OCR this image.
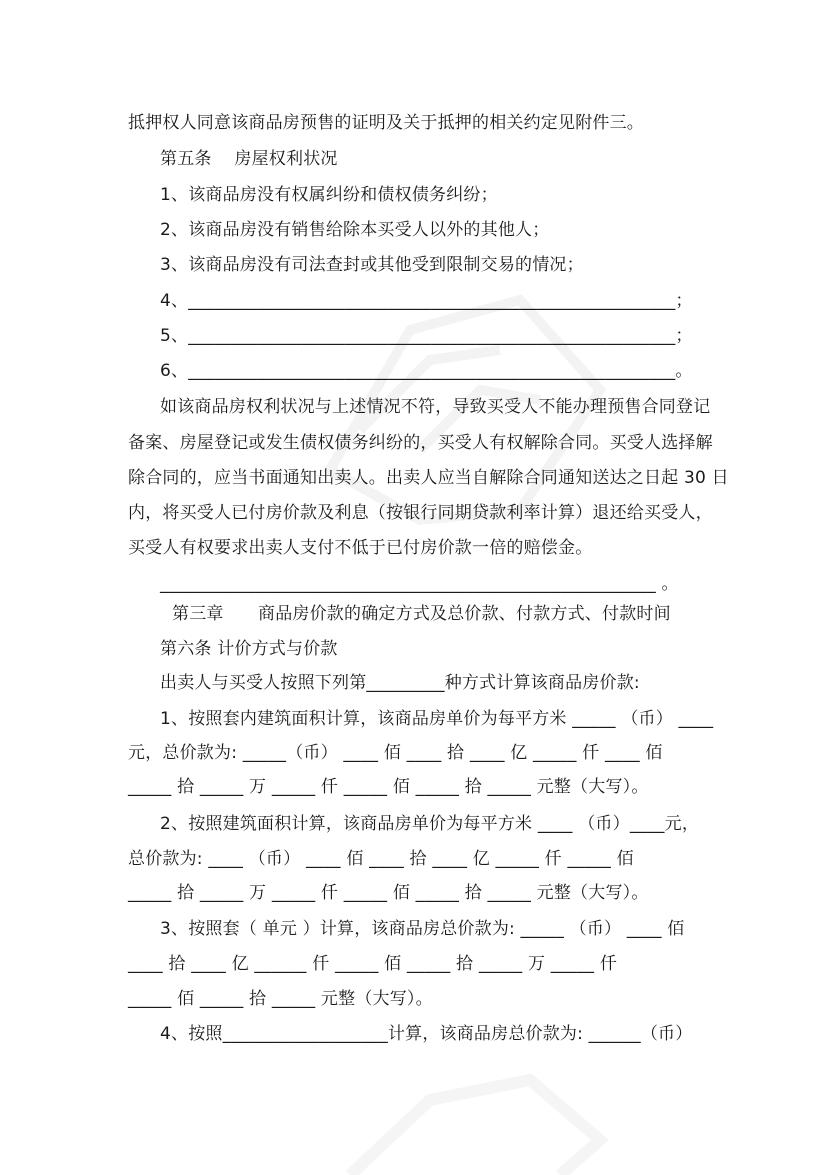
抵押权人同意该商品房预售的证明及关于抵押的相关约定见附件三。
第五条　 房屋权利状况
1、该商品房没有权属纠纷和债权债务纠纷；
2、该商品房没有销售给除本买受人以外的其他人；
3、该商品房没有司法查封或其他受到限制交易的情况；
4、________________________________________________________；
5、________________________________________________________；
6、________________________________________________________。
如该商品房权利状况与上述情况不符，导致买受人不能办理预售合同登记
备案、房屋登记或发生债权债务纠纷的，买受人有权解除合同。买受人选择解
除合同的，应当书面通知出卖人。出卖人应当自解除合同通知送达之日起 30 日
内，将买受人已付房价款及利息（按银行同期贷款利率计算）退还给买受人，
买受人有权要求出卖人支付不低于已付房价款一倍的赔偿金。
_________________________________________________________ 。
第三章　　商品房价款的确定方式及总价款、付款方式、付款时间
第六条 计价方式与价款
出卖人与买受人按照下列第_________种方式计算该商品房价款:
1、按照套内建筑面积计算，该商品房单价为每平方米 _____ （币） ____
元，总价款为: _____（币） ____ 佰 ____ 拾 ____ 亿 _____ 仟 ____ 佰
_____ 拾 _____ 万 _____ 仟 _____ 佰 _____ 拾 _____ 元整（大写）。
2、按照建筑面积计算，该商品房单价为每平方米 ____ （币）____元，
总价款为: ____ （币） ____ 佰 ____ 拾 ____ 亿 _____ 仟 _____ 佰
_____ 拾 _____ 万 _____ 仟 _____ 佰 _____ 拾 _____ 元整（大写）。
3、按照套（ 单元 ）计算，该商品房总价款为: _____ （币） ____ 佰
____ 拾 ____ 亿 ______ 仟 _____ 佰 _____ 拾 _____ 万 _____ 仟
_____ 佰 _____ 拾 _____ 元整（大写）。
4、按照___________________计算，该商品房总价款为: ______（币）
